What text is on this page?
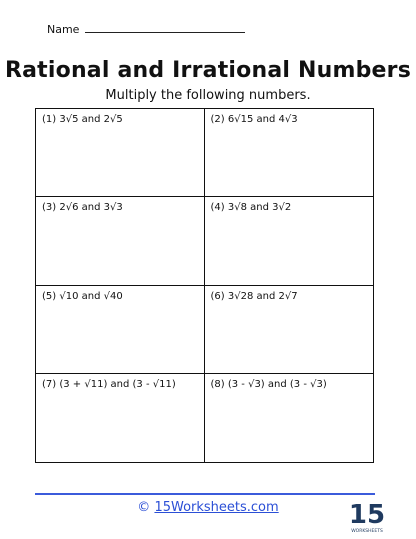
Name
Rational and Irrational Numbers
Multiply the following numbers.
(1) 3√5 and 2√5	(2) 6√15 and 4√3
(3) 2√6 and 3√3	(4) 3√8 and 3√2
(5) √10 and √40	(6) 3√28 and 2√7
(7) (3 + √11) and (3 - √11)	(8) (3 - √3) and (3 - √3)
© 15Worksheets.com	15
WORKSHEETS
